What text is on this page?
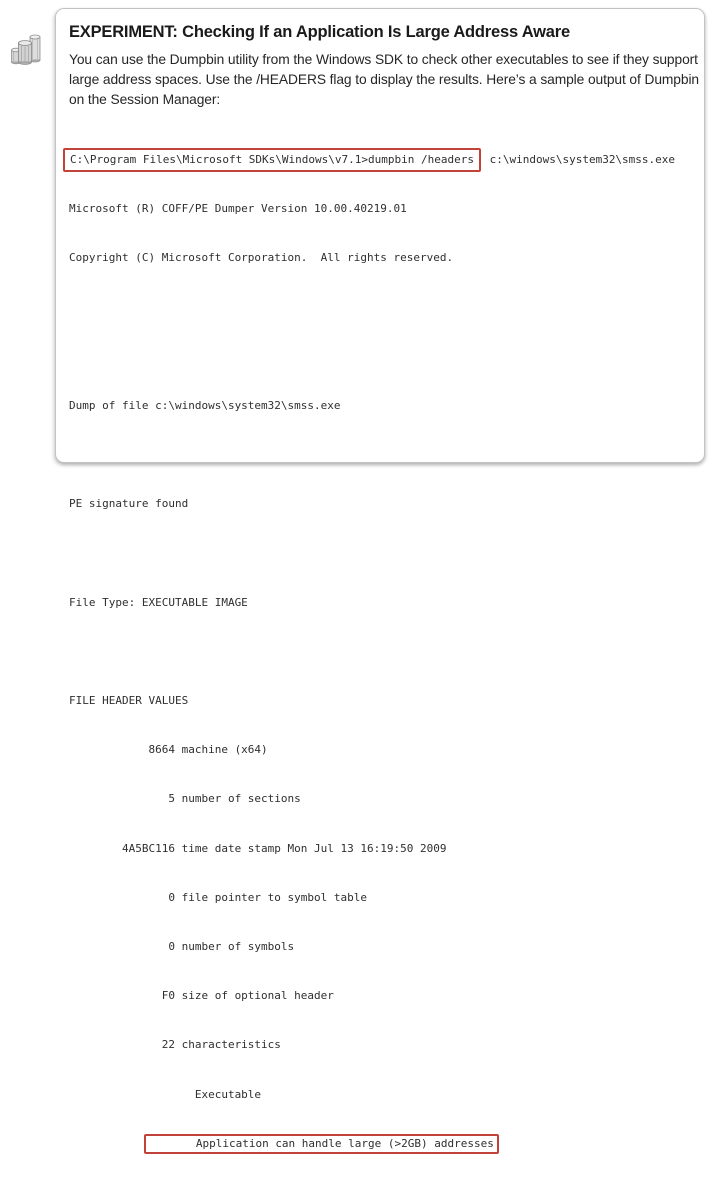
EXPERIMENT: Checking If an Application Is Large Address Aware

You can use the Dumpbin utility from the Windows SDK to check other executables to see if they support large address spaces. Use the /HEADERS flag to display the results. Here’s a sample output of Dumpbin on the Session Manager:

C:\Program Files\Microsoft SDKs\Windows\v7.1>dumpbin /headers c:\windows\system32\smss.exe

Microsoft (R) COFF/PE Dumper Version 10.00.40219.01

Copyright (C) Microsoft Corporation.  All rights reserved.

Dump of file c:\windows\system32\smss.exe

PE signature found

File Type: EXECUTABLE IMAGE

FILE HEADER VALUES

8664 machine (x64)

5 number of sections

4A5BC116 time date stamp Mon Jul 13 16:19:50 2009

0 file pointer to symbol table

0 number of symbols

F0 size of optional header

22 characteristics

Executable

Application can handle large (>2GB) addresses
